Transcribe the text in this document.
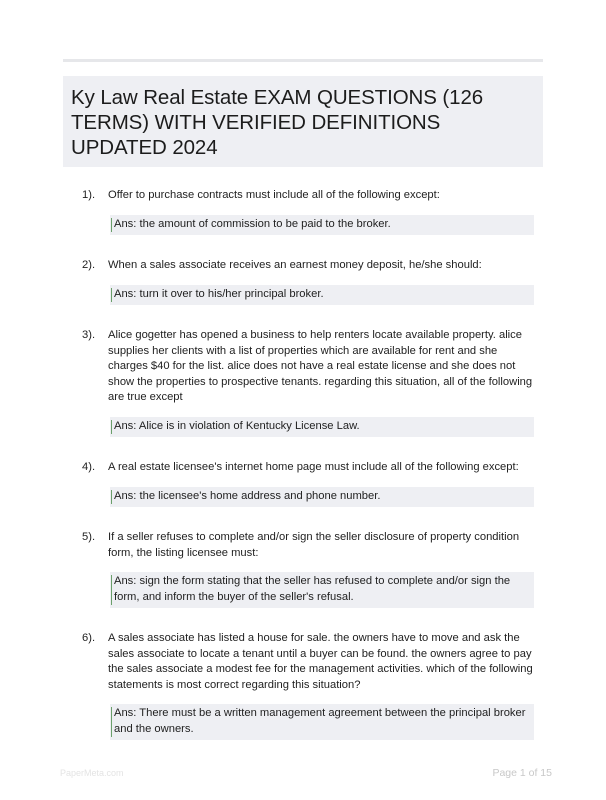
Ky Law Real Estate EXAM QUESTIONS (126 TERMS) WITH VERIFIED DEFINITIONS UPDATED 2024
1). Offer to purchase contracts must include all of the following except:
Ans: the amount of commission to be paid to the broker.
2). When a sales associate receives an earnest money deposit, he/she should:
Ans: turn it over to his/her principal broker.
3). Alice gogetter has opened a business to help renters locate available property. alice supplies her clients with a list of properties which are available for rent and she charges $40 for the list. alice does not have a real estate license and she does not show the properties to prospective tenants. regarding this situation, all of the following are true except
Ans: Alice is in violation of Kentucky License Law.
4). A real estate licensee's internet home page must include all of the following except:
Ans: the licensee's home address and phone number.
5). If a seller refuses to complete and/or sign the seller disclosure of property condition form, the listing licensee must:
Ans: sign the form stating that the seller has refused to complete and/or sign the form, and inform the buyer of the seller's refusal.
6). A sales associate has listed a house for sale. the owners have to move and ask the sales associate to locate a tenant until a buyer can be found. the owners agree to pay the sales associate a modest fee for the management activities. which of the following statements is most correct regarding this situation?
Ans: There must be a written management agreement between the principal broker and the owners.
PaperMeta.com	Page 1 of 15
